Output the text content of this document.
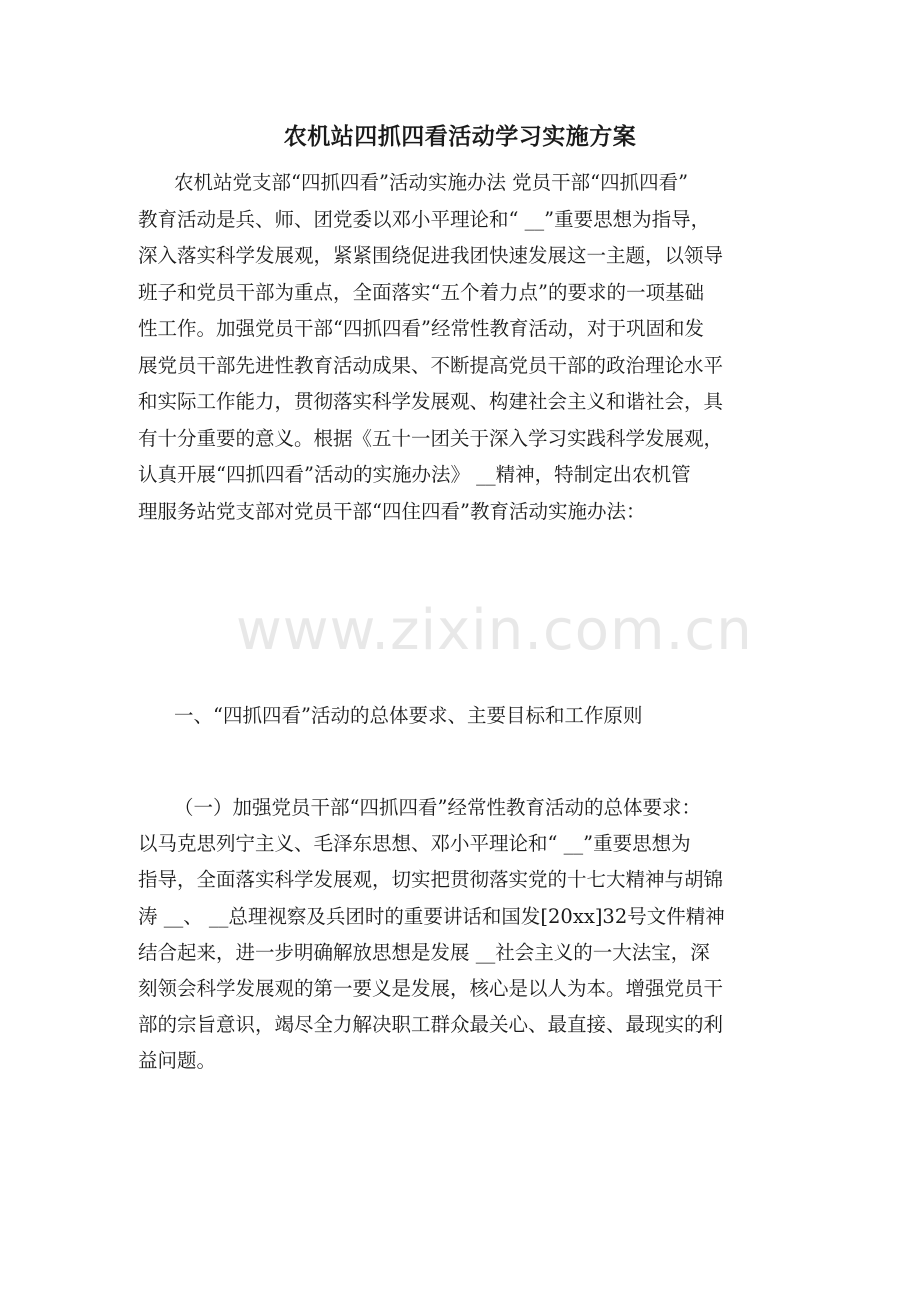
农机站四抓四看活动学习实施方案
农机站党支部“四抓四看”活动实施办法 党员干部“四抓四看”
教育活动是兵、师、团党委以邓小平理论和“ __”重要思想为指导，
深入落实科学发展观，紧紧围绕促进我团快速发展这一主题，以领导
班子和党员干部为重点，全面落实“五个着力点”的要求的一项基础
性工作。加强党员干部“四抓四看”经常性教育活动，对于巩固和发
展党员干部先进性教育活动成果、不断提高党员干部的政治理论水平
和实际工作能力，贯彻落实科学发展观、构建社会主义和谐社会，具
有十分重要的意义。根据《五十一团关于深入学习实践科学发展观，
认真开展“四抓四看”活动的实施办法》 __精神，特制定出农机管
理服务站党支部对党员干部“四住四看”教育活动实施办法：
一、“四抓四看”活动的总体要求、主要目标和工作原则
（一）加强党员干部“四抓四看”经常性教育活动的总体要求：
以马克思列宁主义、毛泽东思想、邓小平理论和“ __”重要思想为
指导，全面落实科学发展观，切实把贯彻落实党的十七大精神与胡锦
涛 __、 __总理视察及兵团时的重要讲话和国发[20xx]32号文件精神
结合起来，进一步明确解放思想是发展 __社会主义的一大法宝，深
刻领会科学发展观的第一要义是发展，核心是以人为本。增强党员干
部的宗旨意识，竭尽全力解决职工群众最关心、最直接、最现实的利
益问题。
www.zixin.com.cn
